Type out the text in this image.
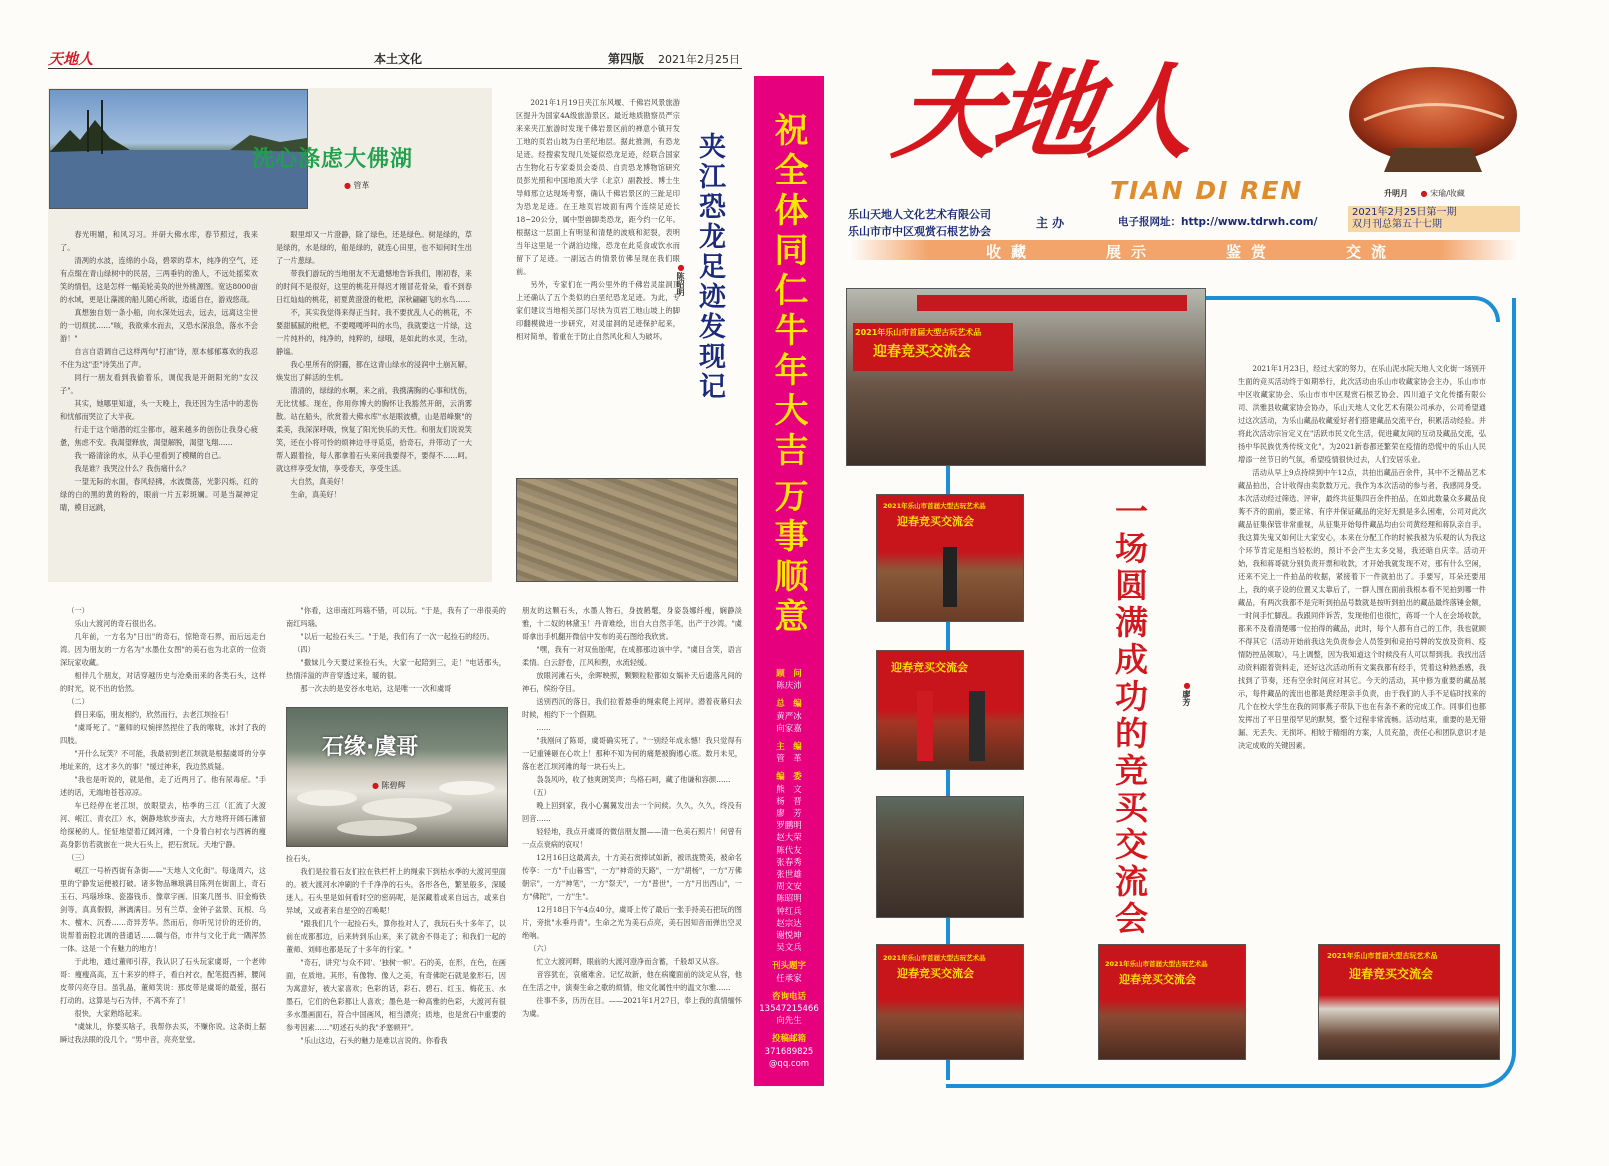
天地人	本土文化	第四版 2021年2月25日
洗心涤虑大佛湖
● 管革

春光明媚，和风习习。并研大佛水库，春节照过，我来了。

清冽的水波，连绵的小岛，碧翠的草木，纯净的空气，还有点缀在青山绿树中的民居，三两垂钓的渔人，不远处摇桨欢笑的情侣，这是怎样一幅美轮美奂的世外桃源图。宽达8000亩的水域，更是让藻渡的船儿随心所欲，逍遥自在，游戏悠哉。

真想独自划一条小船，向水深处远去，远去，远离这尘世的一切烦扰……"咳，我欲乘水而去，又恐水深浪急，落水不会游！"

自言自语调自己这样两句"打油"诗，原本郁郁寡欢的我忍不住为这"歪"诗笑出了声。

同行一朋友看到我偷着乐，调侃我是开朗阳光的"女汉子"。

其实，她哪里知道，头一天晚上，我还因为生活中的悲伤和忧郁而哭泣了大半夜。

行走于这个暗潜的红尘都市，越来越多的创伤让我身心疲惫，焦虑不安。我渴望释放，渴望解脱，渴望飞翔……

我一路清涂的水，从手心里看到了模糊的自己。

我是谁？我哭泣什么？我伤痛什么？

一望无际的水面，春风轻拂，水波微荡，光影闪烁，红的绿的白的黑的黄的粉的，眼前一片五彩斑斓。可是当凝神定睛，模目远跳，

眼里却又一片澄静，除了绿色，还是绿色。树是绿的，草是绿的，水是绿的，船是绿的，就连心田里，也不知何时生出了一片葱绿。

带我们游玩的当地朋友不无遗憾地告诉我们，刚初春，来的时间不是很好，这里的桃花开得迟才刚冒花骨朵，看不到春日红灿灿的桃花，初夏黄澄澄的枇杷，深秋翩翩飞的水鸟……

不，其实我觉得来得正当时。我不要扰乱人心的桃花，不要甜腻腻的枇杷，不要嘎嘎呼叫的水鸟，我就要这一片绿，这一片纯朴的，纯净的，纯粹的，绿哦，是如此的水灵，生动，静谧。

我心里所有的阴霾，都在这青山绿水的浸润中土崩瓦解，焕发出了鲜活的生机。

清清的，绿绿的水啊，来之前，我携满胸的心事和忧伤，无比忧郁。现在，你用你博大的胸怀让我豁然开朗，云消雾散。站在船头，欣赏着大佛水库"水是眼波横，山是眉峰聚"的柔美，我深深呼吸，恢复了阳光快乐的天性。和朋友们说说笑笑，还在小将可怜的烦神边寻寻觅觅，拾奇石，并带动了一大帮人跟着捡，每人都拿着石头来问我要得不，要得不……呵。就这样享受友情，享受春天，享受生活。

大自然，真美好！

生命，真美好！

2021年1月19日夹江东风堰、千佛岩风景旅游区提升为国家4A级旅游景区。最近地质勘察员严宗来来夹江旅游时发现千佛岩景区前的禅意小镇开发工地的页岩山坡为白垩纪地层。据此推测，有恐龙足迹。经搜索发现几处疑似恐龙足迹，经联合国家古生物化石专家委员会委员、自贡恐龙博物馆研究员彭光照和中国地质大学（北京）副教授、博士生导师邢立达现场考察，确认千佛岩景区的三趾足印为恐龙足迹。在王地页岩坡面有两个连续足迹长18~20公分，属中型兽脚类恐龙，距今约一亿年。根据这一层面上有明显和清楚的波痕和泥裂，表明当年这里是一个湖泊边缘，恐龙在此觅食或饮水而留下了足迹。一副远古的情景仿佛呈现在我们眼前。

另外，专家们在一两公里外的千佛岩灵崖洞顶上还确认了五个类似的白垩纪恐龙足迹。为此，专家们建议当地相关部门尽快为页岩工地山坡上的脚印翻模做进一步研究，对灵崖洞的足迹保护起来，相对简单，着重在于防止自然风化和人为破坏。	夹江恐龙足迹发现记
●陈昭明

（一）

乐山大渡河的奇石很出名。

几年前，一方名为"日出"的奇石，惊艳奇石界，而后远走台湾。因为朋友的一方名为"水墨仕女图"的美石也为北京的一位资深玩家收藏。

相伴几个朋友，对话穿越历史与沧桑而来的各类石头，这样的时光，说不出的恰然。

（二）

假日来临，朋友相约，欣然而行，去老江坝捡石！

"虞哥死了。"董师的叹惋摔然捏住了我的喉咙，冰封了我的四肢。

"开什么玩笑？不可能，我最初到老江坝就是根据虞哥的分享地址来的，这才多久的事！"缓过神来，我边然质疑。

"我也是听说的，就是他，走了近两月了。他有尿毒症。"手述的话，无端地苍苍凉凉。

车已经停在老江坝，放眼望去，枯季的三江（汇流了大渡河、岷江、青衣江）水，娴静地软步南去，大方地将开阔石滩留给探秘的人。怔怔地望着辽阔河滩，一个身着白衬衣与西裤的瘦高身影仿若就嵌在一块大石头上，把石赏玩。天地宁静。

（三）

岷江一号桥西街有条街——"天地人文化街"。每逢周六，这里的宁静发运便被打破。诸多物品琳琅满目陈列在街面上，奇石玉石、玛瑙珍珠、瓷器钱币、像章字画、旧案几图书、旧金梅铁剑等，真真假假，淋漓满目。另有兰草、金钟子盆景、瓦根、乌木、檀木、沉香……奇异芳华。然而后，你听见讨价的还价的，说帮着南腔北调的普通话……赣与俗，市井与文化于此一隅浑然一体。这是一个有魅力的地方！

于此地，通过董师引荐，我认识了石头玩家虞哥，一个老帅哥：瘦瘦高高，五十来岁的样子，看白衬衣，配笔挺西裤，腰间皮带闪亮夺目。虽乳晶，董师笑说：那皮带是虞哥的最爱，据石打动的。这算是与石为伴，不离不弃了！

很快，大家熟络起来。

"虞妹儿，你要买啥子，我帮你去买，不赚你说。这条街上据瞬过我法眼的没几个。"男中音，亮亮堂堂。

"你看，这串南红玛瑙不错，可以玩。"于是，我有了一串很美的南红玛瑙。

"以后一起捡石头三。"于是，我们有了一次一起捡石的经历。

（四）

"撒妹儿今天要过来捡石头，大家一起陪到三，走！"电话那头，热情洋溢的声音穿透过来，暖的很。

那一次去的是安谷水电站，这是唯一一次和虞哥

石缘·虞哥
● 陈碧辉

捡石头。

我们是拉着石友们拉在铁栏杆上的绳索下到枯水季的大渡河里面的。被大渡河水冲刷的千千净净的石头，各形各色，繁星般多，深暖迷人。石头里是如何看时空的密码呢，是深藏着或来自远古，或来自异域，又或者来自星空的召唤呢！

"跟我们几个一起捡石头，算你捡对人了，我玩石头十多年了，以前在成都那边，后来转到乐山来，来了就舍不得走了；和我们一起的董师、刘师也都是玩了十多年的行家。"

"奇石，讲究'与众不同'、'独树一帜'。石的美，在形，在色，在画面，在质地。其形，有像物、像人之美，有奇佛陀石就是象形石，因为寓意好，被大家喜欢；色彩的话，彩石、碧石、红玉、梅花玉、水墨石，它们的色彩都让人喜欢；墨色是一种高雅的色彩，大渡河有很多水墨画面石，符合中国画风，相当漂亮；质地，也是赏石中重要的参考因素……"叨述石头的我"矛塞顿开"。

"乐山这边，石头的魅力是难以言说的。你看我

朋友的这颗石头，水墨人物石，身披鹤氅，身姿袅娜纤瘦，娴静淡雅，十二奴的林黛玉！丹青难绘，出自大自然手笔，出产于沙湾。"虞哥拿出手机翻开微信中发布的美石图给我欣赏。

"嘿，我有一对双鱼胎呢，在成都那边该中学。"虞目含笑，语言柔情。白云舒卷，江风和煦，水流轻缓。

放眼河滩石头，余晖映照，颗颗粒粒都如女娲补天后遗落凡间的神石，缤纷夺目。

送别西沉的落日，我们拉着悬垂的绳索爬上河岸。潜着夜幕归去时候，相约下一个假期。

……

"我刚问了陈哥，虞哥确实死了。"一别经年成永憾！我只觉得有一记重锤砸在心坎上！那种不知为何的痛楚被胸遏心底。数月未见，落在老江坝河滩的每一块石头上。

袅袅风吟，收了他爽朗笑声；鸟格石呵，藏了他谦和容颜……

（五）

晚上回到家，我小心翼翼发出去一个问候。久久，久久，终没有回音……

轻轻地，我点开虞哥的微信朋友圈——清一色美石照片！何曾有一点点衰病的哀叹！

12月16日这最离去，十方美石赏捧试如新，被讯拢赞美，被命名传享：一方"千山暮雪"，一方"神奇的天路"，一方"胡杨"，一方"万佛朝宗"，一方"神笔"，一方"祭天"，一方"普世"，一方"月出西山"，一方"佛陀"，一方"生"。

12月18日下午4点40分，虞哥上传了最后一张手持美石把玩的图片，旁批"永垂丹青"。生命之光为美石点亮，美石因知音而弹出空灵绝响。

（六）

忙立大渡河畔，眼前的大渡河澄净而含蓄，千般却又从容。

音容犹在，哀痛难舍。记忆故新，他在病魔面前的淡定从容，他在生活之中，演奏生命之歌的烦情，他文化属性中的温文尔雅……

往事不多，历历在目。——2021年1月27日，奉上我的真情缅怀为虞。

祝全体同仁牛年大吉
万事顺意
顾　问
陈庆沛
总　编
黄严冰
向家嘉
主　编
管　革
编　委
熊　文
杨　晋
廖　芳
罗鹏明
赵大荣
陈代友
张春秀
张世雄
周文安
陈昭明
钟红兵
赵宗达
谢悦坤
吴文兵
刊头题字
任承家
咨询电话
13547215466
向先生
投稿邮箱
371689825
@qq.com
天地人
TIAN DI REN	升明月 ● 宋瑜/收藏
乐山天地人文化艺术有限公司
乐山市市中区观赏石根艺协会
主 办	电子报网址：http://www.tdrwh.com/
2021年2月25日第一期
双月刊总第五十七期
收藏	展示	鉴赏	交流
2021年乐山市首届大型古玩艺术品
迎春竞买交流会
2021年乐山市首届大型古玩艺术品
迎春竞买交流会
迎春竞买交流会
2021年乐山市首届大型古玩艺术品
迎春竞买交流会
2021年乐山市首届大型古玩艺术品
迎春竞买交流会
2021年乐山市首届大型古玩艺术品
迎春竞买交流会
一场圆满成功的竞买交流会	●廖芳

2021年1月23日，经过大家的努力，在乐山泥水院天地人文化街一场别开生面的竞买活动终于如期举行，此次活动由乐山市收藏家协会主办，乐山市市中区收藏家协会、乐山市市中区观赏石根艺协会、四川道子文化传播有限公司、洪雅县收藏家协会协办，乐山天地人文化艺术有限公司承办，公司希望通过这次活动，为乐山藏品收藏爱好者们搭建藏品交流平台，积累活动经验。并将此次活动宗旨定义在"活跃市民文化生活，促进藏友间的互动及藏品交流，弘扬中华民族优秀传统文化"。为2021新春都还繁荣在疫情的恐慌中的乐山人民增添一丝节日的气氛，希望疫情很快过去，人们安居乐业。

活动从早上9点持续到中午12点，共拍出藏品百余件，其中不乏精品艺术藏品拍出，合计收得由卖款数万元。我作为本次活动的参与者，我感同身受。本次活动经过筛选、评审，最终共征集四百余件拍品，在如此数量众多藏品良莠不齐的面前，要正常、有序并保证藏品的完好无损是多么困难，公司对此次藏品征集保管非常重视，从征集开始每件藏品均由公司黄经理和蒋队亲自手。我这算失鬼又如何让大家安心，本来在分配工作的时候我被为乐观的认为我这个环节肯定是相当轻松的，预计不会产生太多交易，我还暗自庆幸。活动开始，我和蒋哥就分别负责开票和收款，才开始我就发现不对，那有什么空闲，还来不完上一件拍品的收据，紧接着下一件就拍出了。手要写，耳朵还要用上，我的桌子设的位置又太靠后了，一群人围在面前我根本看不见拍到哪一件藏品，有两次我都不是完听到拍品号数就是按听到拍出的藏品最终落锤金额，一时间手忙脚乱。我跟同伴诉苦，发现他们也很忙，蒋哥一个人在会场收款，都来不及看清楚哪一位拍得的藏品，此时，每个人都有自己的工作，我也就顾不得其它（活动开始前我这先负责参会人员签到和竞拍号牌的发放及资料、疫情防控品领取），马上调整，因为我知道这个时候没有人可以帮到我。我找出活动资料跟着资料走，还好这次活动所有文案我都有经手，凭着这种熟悉感，我找到了节奏，还有空余时间应对其它。今天的活动，其中修为重要的藏品展示，每件藏品的流出也都是黄经理亲手负责，由于我们的人手不足临时找来的几个在校大学生在我的同事燕子带队下也在有条不紊的完成工作。同事们也都发挥出了平日里很罕见的默契，整个过程非常流畅。活动结束，重要的是无错漏、无丢失、无损坏。相较于精细的方案，人员充盈，责任心和团队意识才是决定成败的关键因素。
